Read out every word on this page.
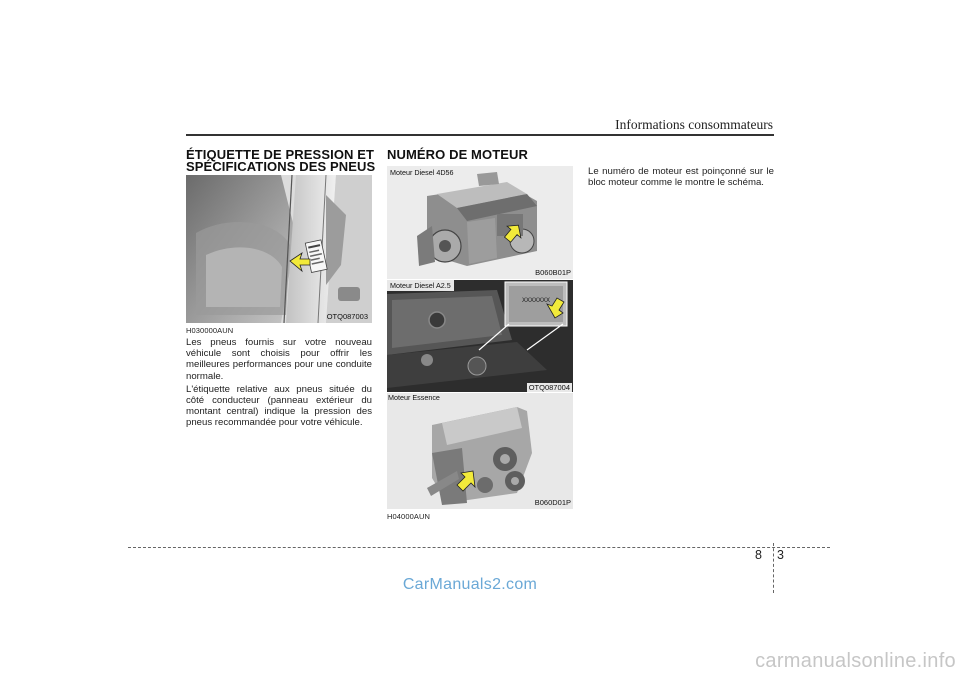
Informations consommateurs
ÉTIQUETTE DE PRESSION ET
SPÉCIFICATIONS DES PNEUS
OTQ087003
H030000AUN

Les pneus fournis sur votre nouveau véhicule sont choisis pour offrir les meilleures performances pour une conduite normale.

L'étiquette relative aux pneus située du côté conducteur (panneau extérieur du montant central) indique la pression des pneus recommandée pour votre véhicule.

NUMÉRO DE MOTEUR
Moteur Diesel 4D56
B060B01P
Moteur Diesel A2.5
XXXXXXX
OTQ087004
Moteur Essence
B060D01P
H04000AUN
Le numéro de moteur est poinçonné sur le bloc moteur comme le montre le schéma.
8 3
CarManuals2.com
carmanualsonline.info
